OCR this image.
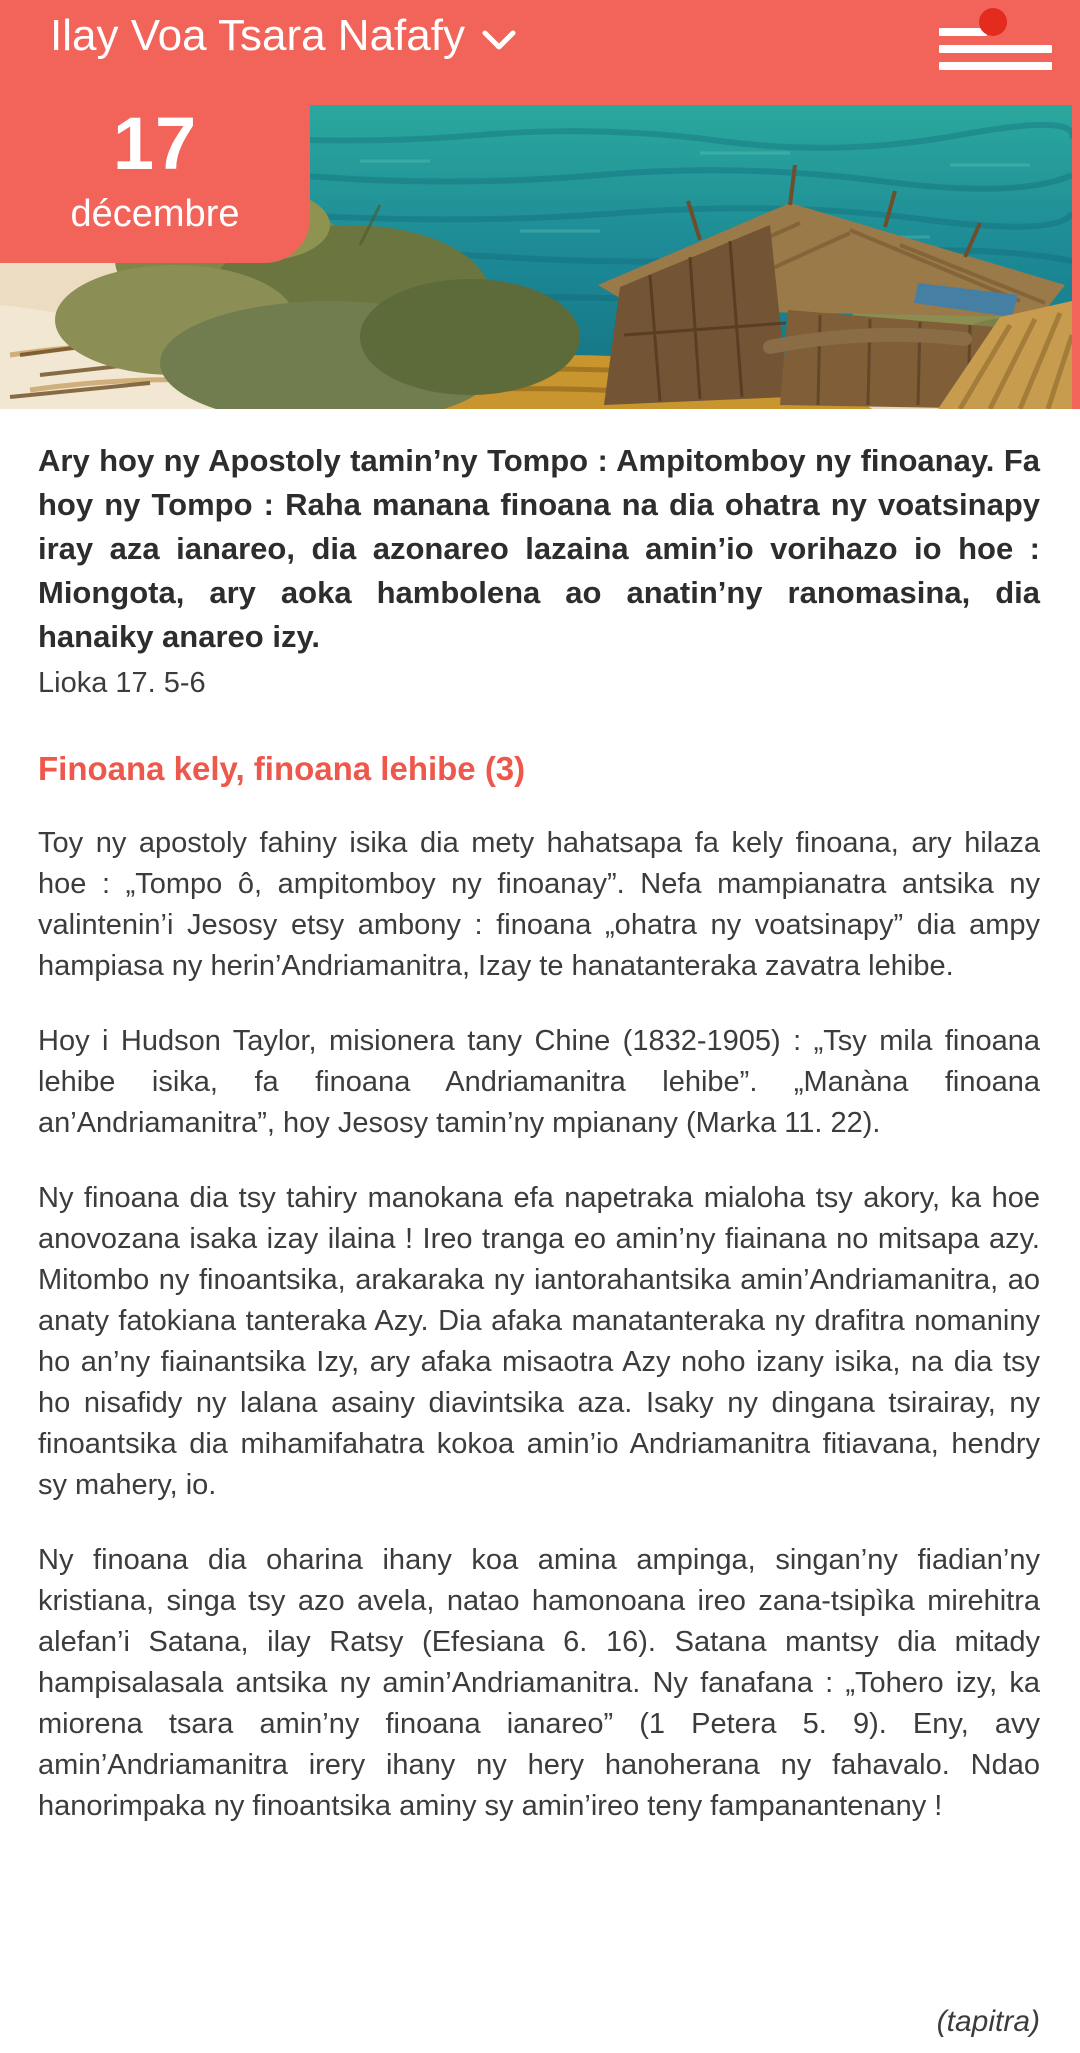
Ilay Voa Tsara Nafafy
17
décembre

Ary hoy ny Apostoly tamin’ny Tompo : Ampitomboy ny finoanay. Fa hoy ny Tompo : Raha manana finoana na dia ohatra ny voatsinapy iray aza ianareo, dia azonareo lazaina amin’io vorihazo io hoe : Miongota, ary aoka hambolena ao anatin’ny ranomasina, dia hanaiky anareo izy.

Lioka 17. 5-6

Finoana kely, finoana lehibe (3)

Toy ny apostoly fahiny isika dia mety hahatsapa fa kely finoana, ary hilaza hoe : „Tompo ô, ampitomboy ny finoanay”. Nefa mampianatra antsika ny valintenin’i Jesosy etsy ambony : finoana „ohatra ny voatsinapy” dia ampy hampiasa ny herin’Andriamanitra, Izay te hanatanteraka zavatra lehibe.

Hoy i Hudson Taylor, misionera tany Chine (1832-1905) : „Tsy mila finoana lehibe isika, fa finoana Andriamanitra lehibe”. „Manàna finoana an’Andriamanitra”, hoy Jesosy tamin’ny mpianany (Marka 11. 22).

Ny finoana dia tsy tahiry manokana efa napetraka mialoha tsy akory, ka hoe anovozana isaka izay ilaina ! Ireo tranga eo amin’ny fiainana no mitsapa azy. Mitombo ny finoantsika, arakaraka ny iantorahantsika amin’Andriamanitra, ao anaty fatokiana tanteraka Azy. Dia afaka manatanteraka ny drafitra nomaniny ho an’ny fiainantsika Izy, ary afaka misaotra Azy noho izany isika, na dia tsy ho nisafidy ny lalana asainy diavintsika aza. Isaky ny dingana tsirairay, ny finoantsika dia mihamifahatra kokoa amin’io Andriamanitra fitiavana, hendry sy mahery, io.

Ny finoana dia oharina ihany koa amina ampinga, singan’ny fiadian’ny kristiana, singa tsy azo avela, natao hamonoana ireo zana-tsipìka mirehitra alefan’i Satana, ilay Ratsy (Efesiana 6. 16). Satana mantsy dia mitady hampisalasala antsika ny amin’Andriamanitra. Ny fanafana : „Tohero izy, ka miorena tsara amin’ny finoana ianareo” (1 Petera 5. 9). Eny, avy amin’Andriamanitra irery ihany ny hery hanoherana ny fahavalo. Ndao hanorimpaka ny finoantsika aminy sy amin’ireo teny fampanantenany !

(tapitra)
